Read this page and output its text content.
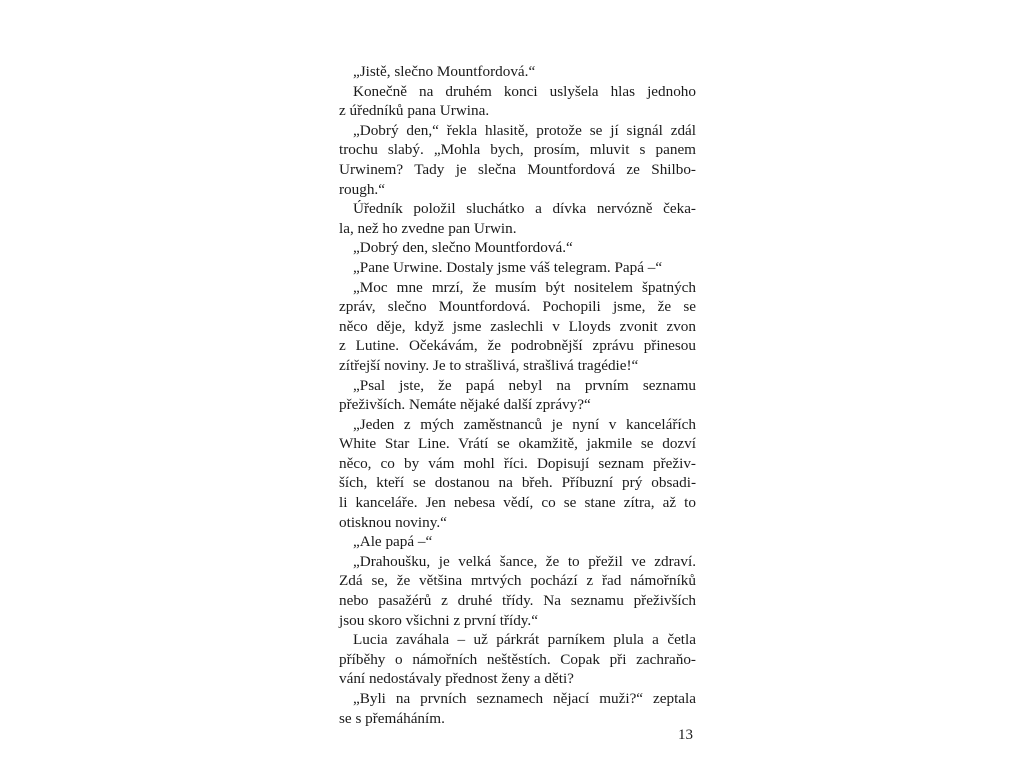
„Jistě, slečno Mountfordová.“
Konečně na druhém konci uslyšela hlas jednoho
z úředníků pana Urwina.
„Dobrý den,“ řekla hlasitě, protože se jí signál zdál
trochu slabý. „Mohla bych, prosím, mluvit s panem
Urwinem? Tady je slečna Mountfordová ze Shilbo-
rough.“
Úředník položil sluchátko a dívka nervózně čeka-
la, než ho zvedne pan Urwin.
„Dobrý den, slečno Mountfordová.“
„Pane Urwine. Dostaly jsme váš telegram. Papá –“
„Moc mne mrzí, že musím být nositelem špatných
zpráv, slečno Mountfordová. Pochopili jsme, že se
něco děje, když jsme zaslechli v Lloyds zvonit zvon
z Lutine. Očekávám, že podrobnější zprávu přinesou
zítřejší noviny. Je to strašlivá, strašlivá tragédie!“
„Psal jste, že papá nebyl na prvním seznamu
přeživších. Nemáte nějaké další zprávy?“
„Jeden z mých zaměstnanců je nyní v kancelářích
White Star Line. Vrátí se okamžitě, jakmile se dozví
něco, co by vám mohl říci. Dopisují seznam přeživ-
ších, kteří se dostanou na břeh. Příbuzní prý obsadi-
li kanceláře. Jen nebesa vědí, co se stane zítra, až to
otisknou noviny.“
„Ale papá –“
„Drahoušku, je velká šance, že to přežil ve zdraví.
Zdá se, že většina mrtvých pochází z řad námořníků
nebo pasažérů z druhé třídy. Na seznamu přeživších
jsou skoro všichni z první třídy.“
Lucia zaváhala – už párkrát parníkem plula a četla
příběhy o námořních neštěstích. Copak při zachraňo-
vání nedostávaly přednost ženy a děti?
„Byli na prvních seznamech nějací muži?“ zeptala
se s přemáháním.
13
